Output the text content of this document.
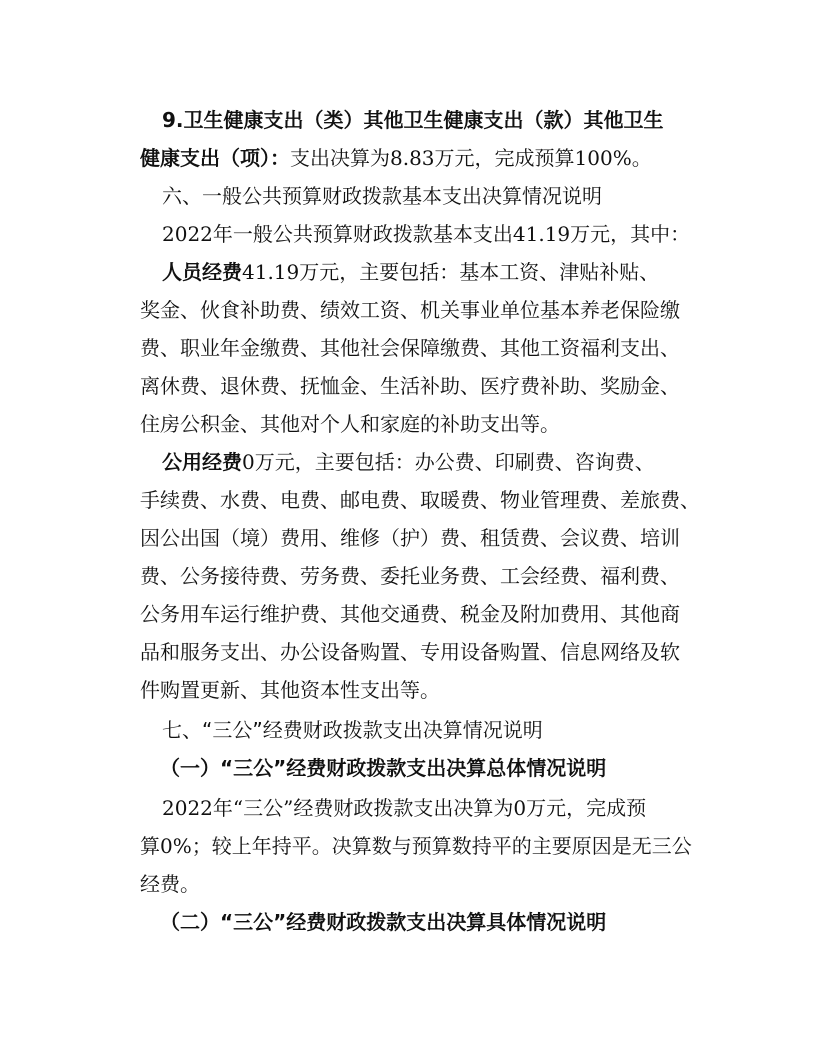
9.卫生健康支出（类）其他卫生健康支出（款）其他卫生
健康支出（项）：支出决算为8.83万元，完成预算100%。
六、一般公共预算财政拨款基本支出决算情况说明
2022年一般公共预算财政拨款基本支出41.19万元，其中：
人员经费41.19万元，主要包括：基本工资、津贴补贴、
奖金、伙食补助费、绩效工资、机关事业单位基本养老保险缴
费、职业年金缴费、其他社会保障缴费、其他工资福利支出、
离休费、退休费、抚恤金、生活补助、医疗费补助、奖励金、
住房公积金、其他对个人和家庭的补助支出等。
公用经费0万元，主要包括：办公费、印刷费、咨询费、
手续费、水费、电费、邮电费、取暖费、物业管理费、差旅费、
因公出国（境）费用、维修（护）费、租赁费、会议费、培训
费、公务接待费、劳务费、委托业务费、工会经费、福利费、
公务用车运行维护费、其他交通费、税金及附加费用、其他商
品和服务支出、办公设备购置、专用设备购置、信息网络及软
件购置更新、其他资本性支出等。
七、“三公”经费财政拨款支出决算情况说明
（一）“三公”经费财政拨款支出决算总体情况说明
2022年“三公”经费财政拨款支出决算为0万元，完成预
算0%；较上年持平。决算数与预算数持平的主要原因是无三公
经费。
（二）“三公”经费财政拨款支出决算具体情况说明
